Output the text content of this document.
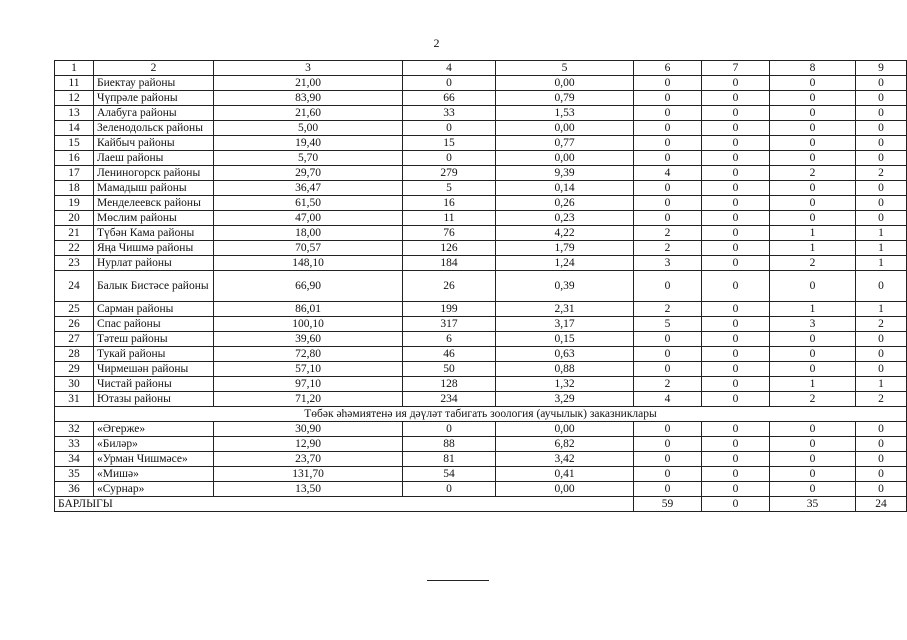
2
1	2	3	4	5	6	7	8	9
11	Биектау районы	21,00	0	0,00	0	0	0	0
12	Чүпрәле районы	83,90	66	0,79	0	0	0	0
13	Алабуга районы	21,60	33	1,53	0	0	0	0
14	Зеленодольск районы	5,00	0	0,00	0	0	0	0
15	Кайбыч районы	19,40	15	0,77	0	0	0	0
16	Лаеш районы	5,70	0	0,00	0	0	0	0
17	Лениногорск районы	29,70	279	9,39	4	0	2	2
18	Мамадыш районы	36,47	5	0,14	0	0	0	0
19	Менделеевск районы	61,50	16	0,26	0	0	0	0
20	Мөслим районы	47,00	11	0,23	0	0	0	0
21	Түбән Кама районы	18,00	76	4,22	2	0	1	1
22	Яңа Чишмә районы	70,57	126	1,79	2	0	1	1
23	Нурлат районы	148,10	184	1,24	3	0	2	1
24	Балык Бистәсе районы	66,90	26	0,39	0	0	0	0
25	Сарман районы	86,01	199	2,31	2	0	1	1
26	Спас районы	100,10	317	3,17	5	0	3	2
27	Тәтеш районы	39,60	6	0,15	0	0	0	0
28	Тукай районы	72,80	46	0,63	0	0	0	0
29	Чирмешән районы	57,10	50	0,88	0	0	0	0
30	Чистай районы	97,10	128	1,32	2	0	1	1
31	Ютазы районы	71,20	234	3,29	4	0	2	2
Төбәк әһәмиятенә ия дәүләт табигать зоология (аучылык) заказниклары								
32	«Әгерже»	30,90	0	0,00	0	0	0	0
33	«Биләр»	12,90	88	6,82	0	0	0	0
34	«Урман Чишмәсе»	23,70	81	3,42	0	0	0	0
35	«Мишә»	131,70	54	0,41	0	0	0	0
36	«Сурнар»	13,50	0	0,00	0	0	0	0
БАРЛЫГЫ					59	0	35	24
